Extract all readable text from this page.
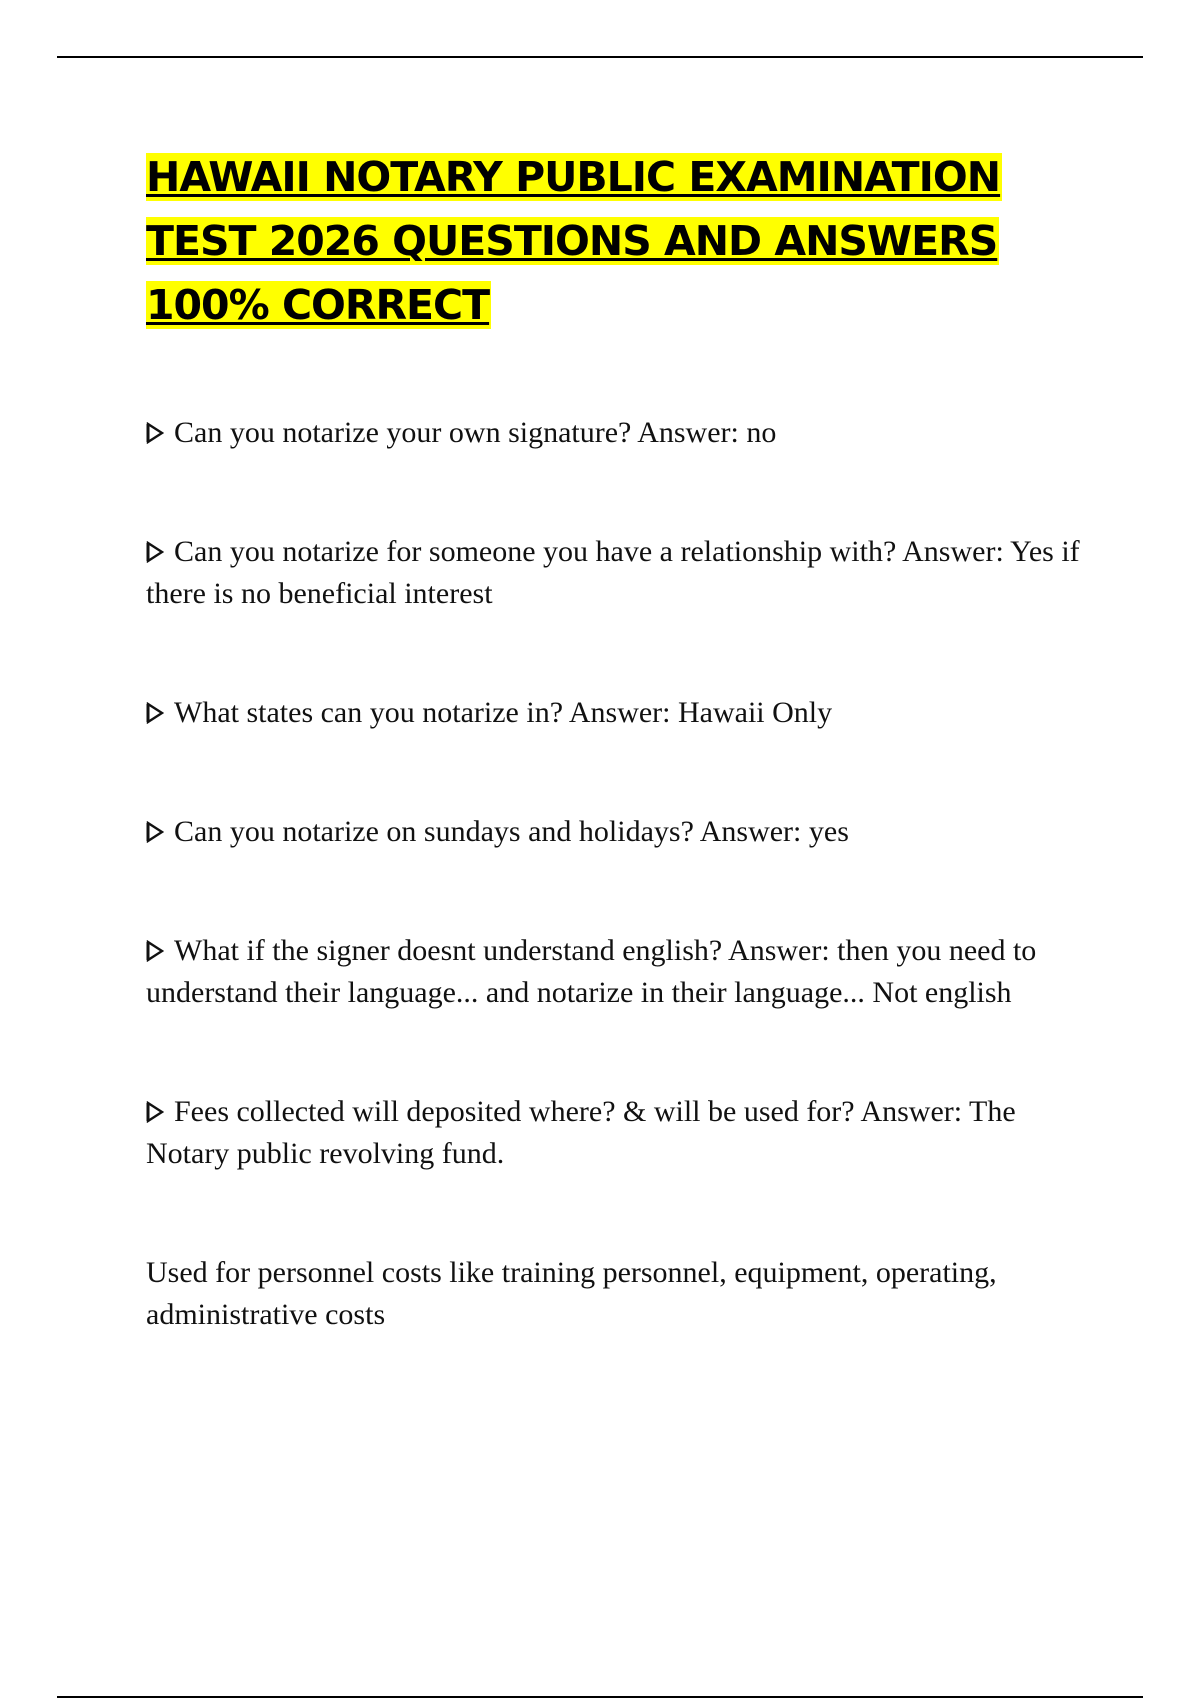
HAWAII NOTARY PUBLIC EXAMINATION
TEST 2026 QUESTIONS AND ANSWERS
100% CORRECT

Can you notarize your own signature? Answer: no

Can you notarize for someone you have a relationship with? Answer: Yes if there is no beneficial interest

What states can you notarize in? Answer: Hawaii Only

Can you notarize on sundays and holidays? Answer: yes

What if the signer doesnt understand english? Answer: then you need to understand their language... and notarize in their language... Not english

Fees collected will deposited where? & will be used for? Answer: The Notary public revolving fund.

Used for personnel costs like training personnel, equipment, operating, administrative costs
